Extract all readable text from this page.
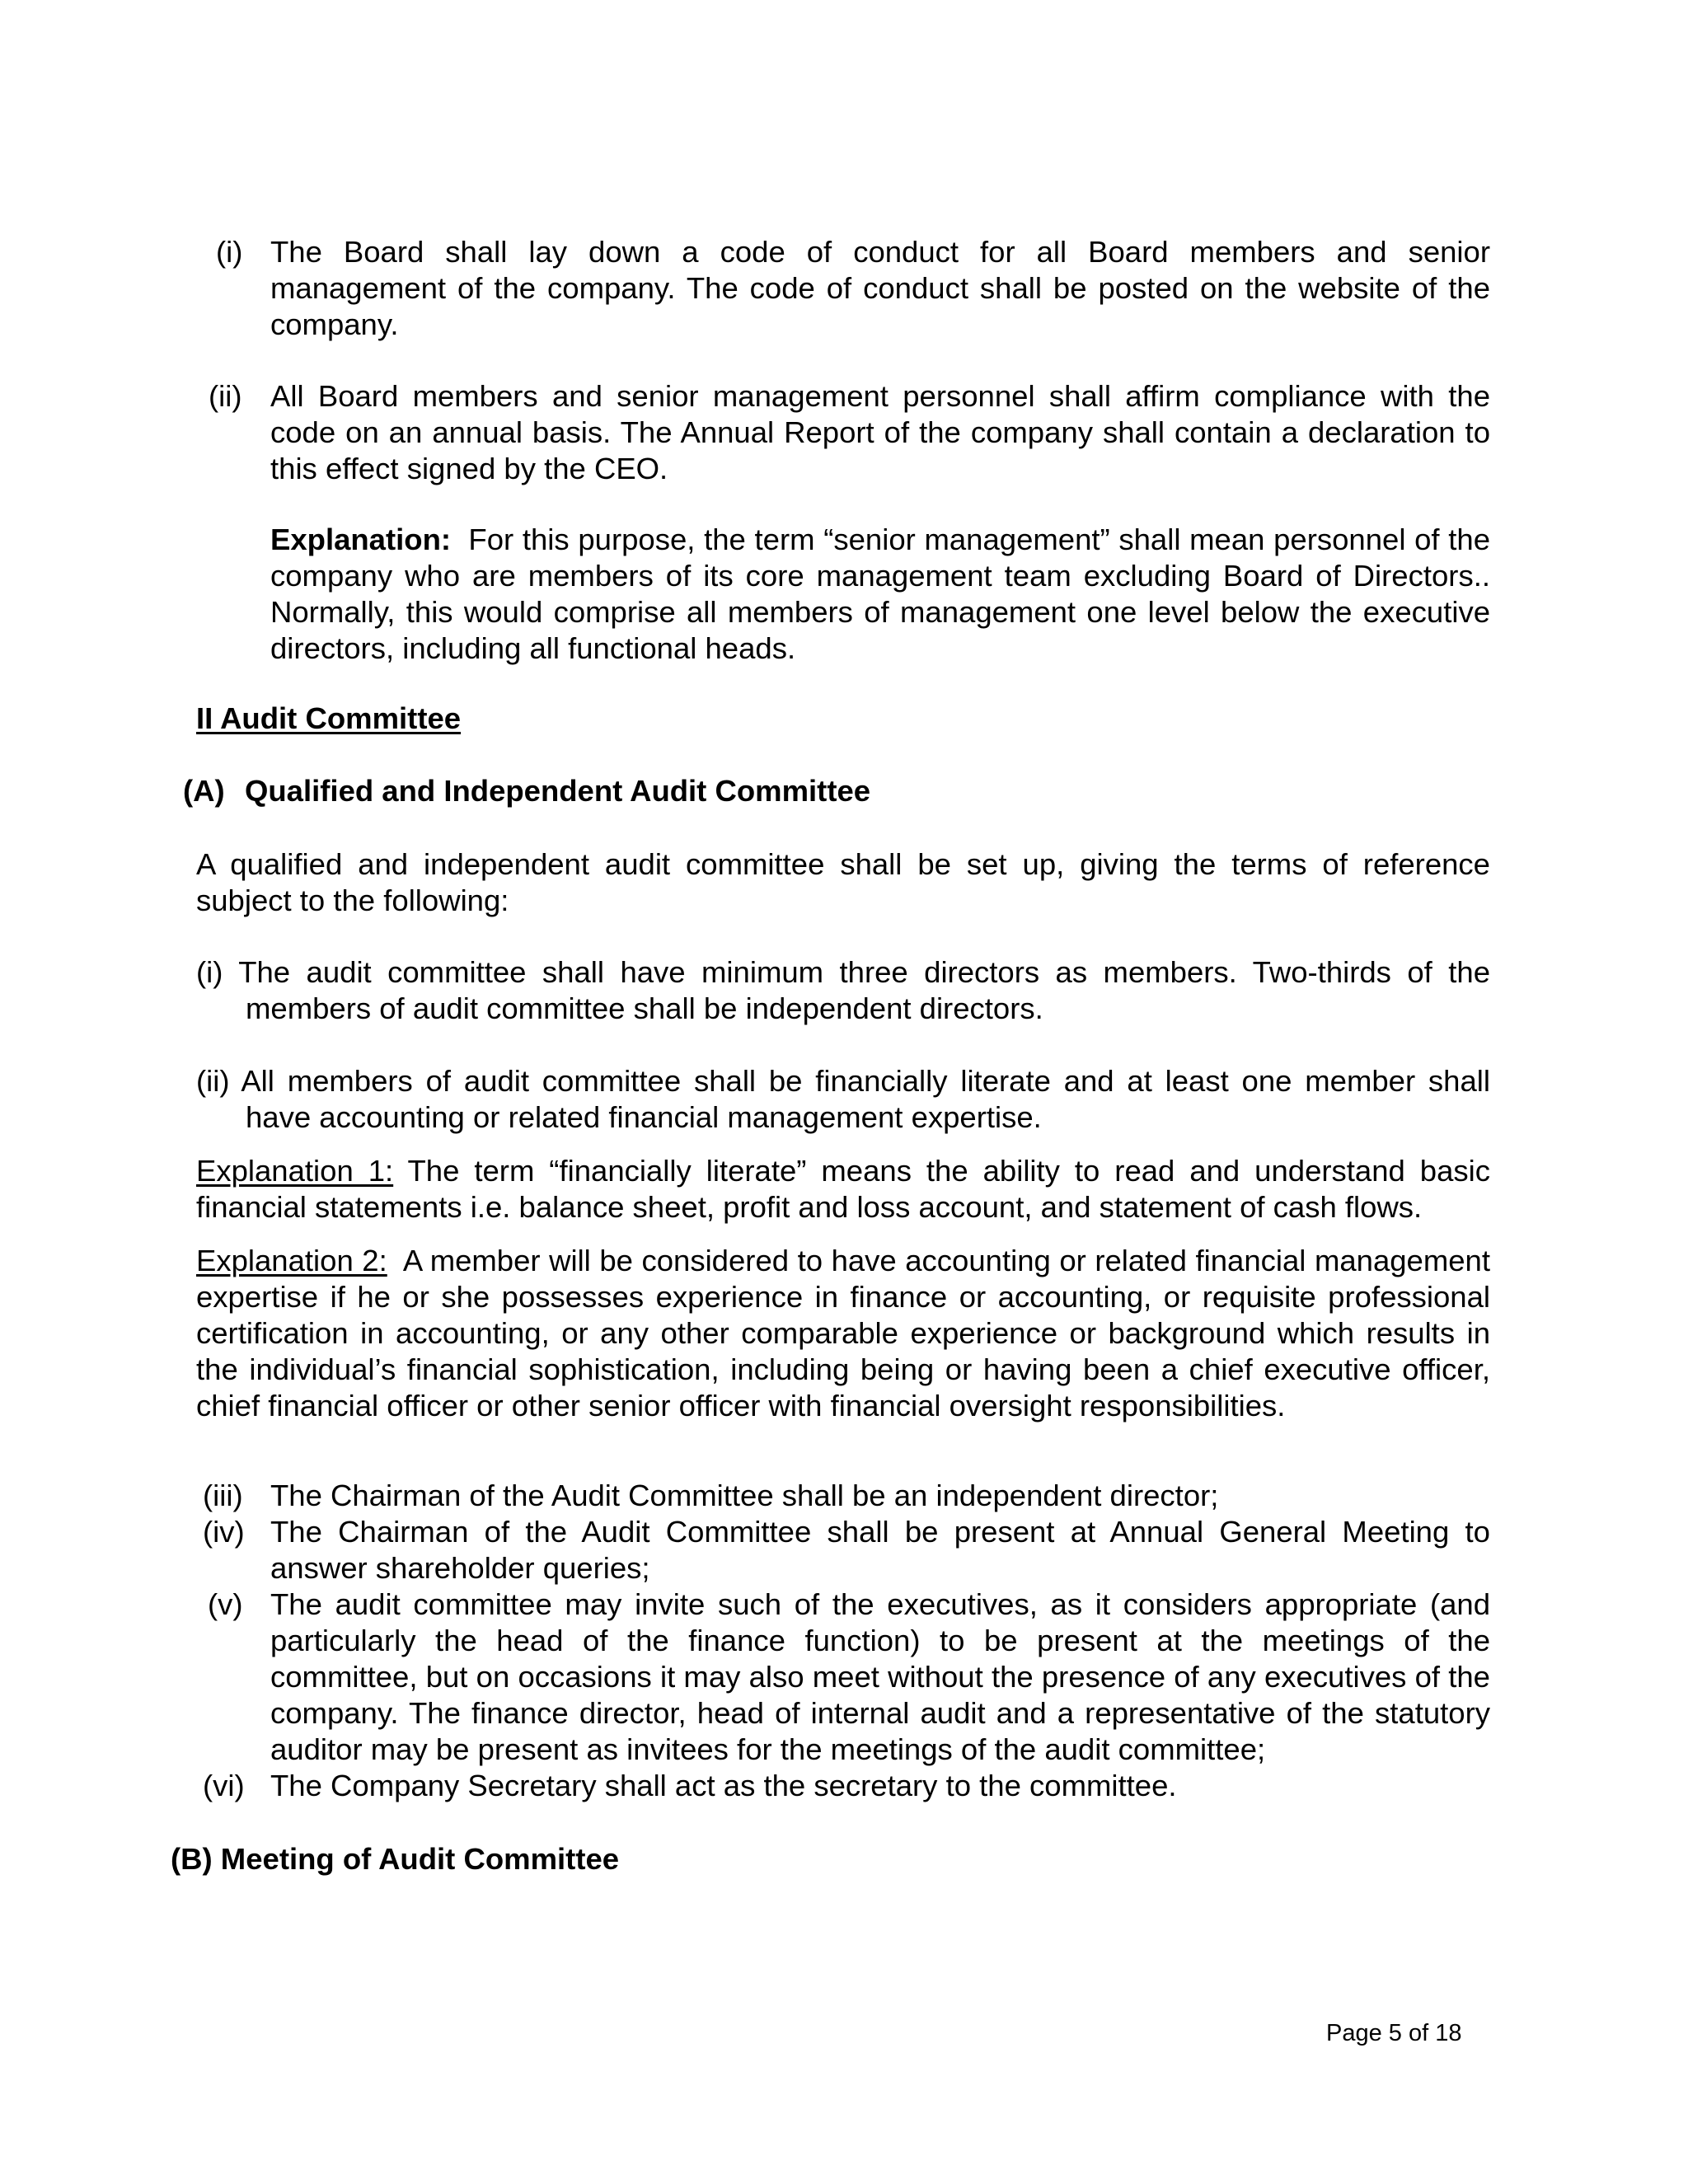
(i) The Board shall lay down a code of conduct for all Board members and senior management of the company. The code of conduct shall be posted on the website of the company.
(ii) All Board members and senior management personnel shall affirm compliance with the code on an annual basis. The Annual Report of the company shall contain a declaration to this effect signed by the CEO.
Explanation: For this purpose, the term “senior management” shall mean personnel of the company who are members of its core management team excluding Board of Directors.. Normally, this would comprise all members of management one level below the executive directors, including all functional heads.
II Audit Committee
(A) Qualified and Independent Audit Committee
A qualified and independent audit committee shall be set up, giving the terms of reference subject to the following:
(i) The audit committee shall have minimum three directors as members. Two-thirds of the members of audit committee shall be independent directors.
(ii) All members of audit committee shall be financially literate and at least one member shall have accounting or related financial management expertise.
Explanation 1: The term “financially literate” means the ability to read and understand basic financial statements i.e. balance sheet, profit and loss account, and statement of cash flows.
Explanation 2: A member will be considered to have accounting or related financial management expertise if he or she possesses experience in finance or accounting, or requisite professional certification in accounting, or any other comparable experience or background which results in the individual’s financial sophistication, including being or having been a chief executive officer, chief financial officer or other senior officer with financial oversight responsibilities.
(iii) The Chairman of the Audit Committee shall be an independent director;
(iv) The Chairman of the Audit Committee shall be present at Annual General Meeting to answer shareholder queries;
(v) The audit committee may invite such of the executives, as it considers appropriate (and particularly the head of the finance function) to be present at the meetings of the committee, but on occasions it may also meet without the presence of any executives of the company. The finance director, head of internal audit and a representative of the statutory auditor may be present as invitees for the meetings of the audit committee;
(vi) The Company Secretary shall act as the secretary to the committee.
(B) Meeting of Audit Committee
Page 5 of 18
